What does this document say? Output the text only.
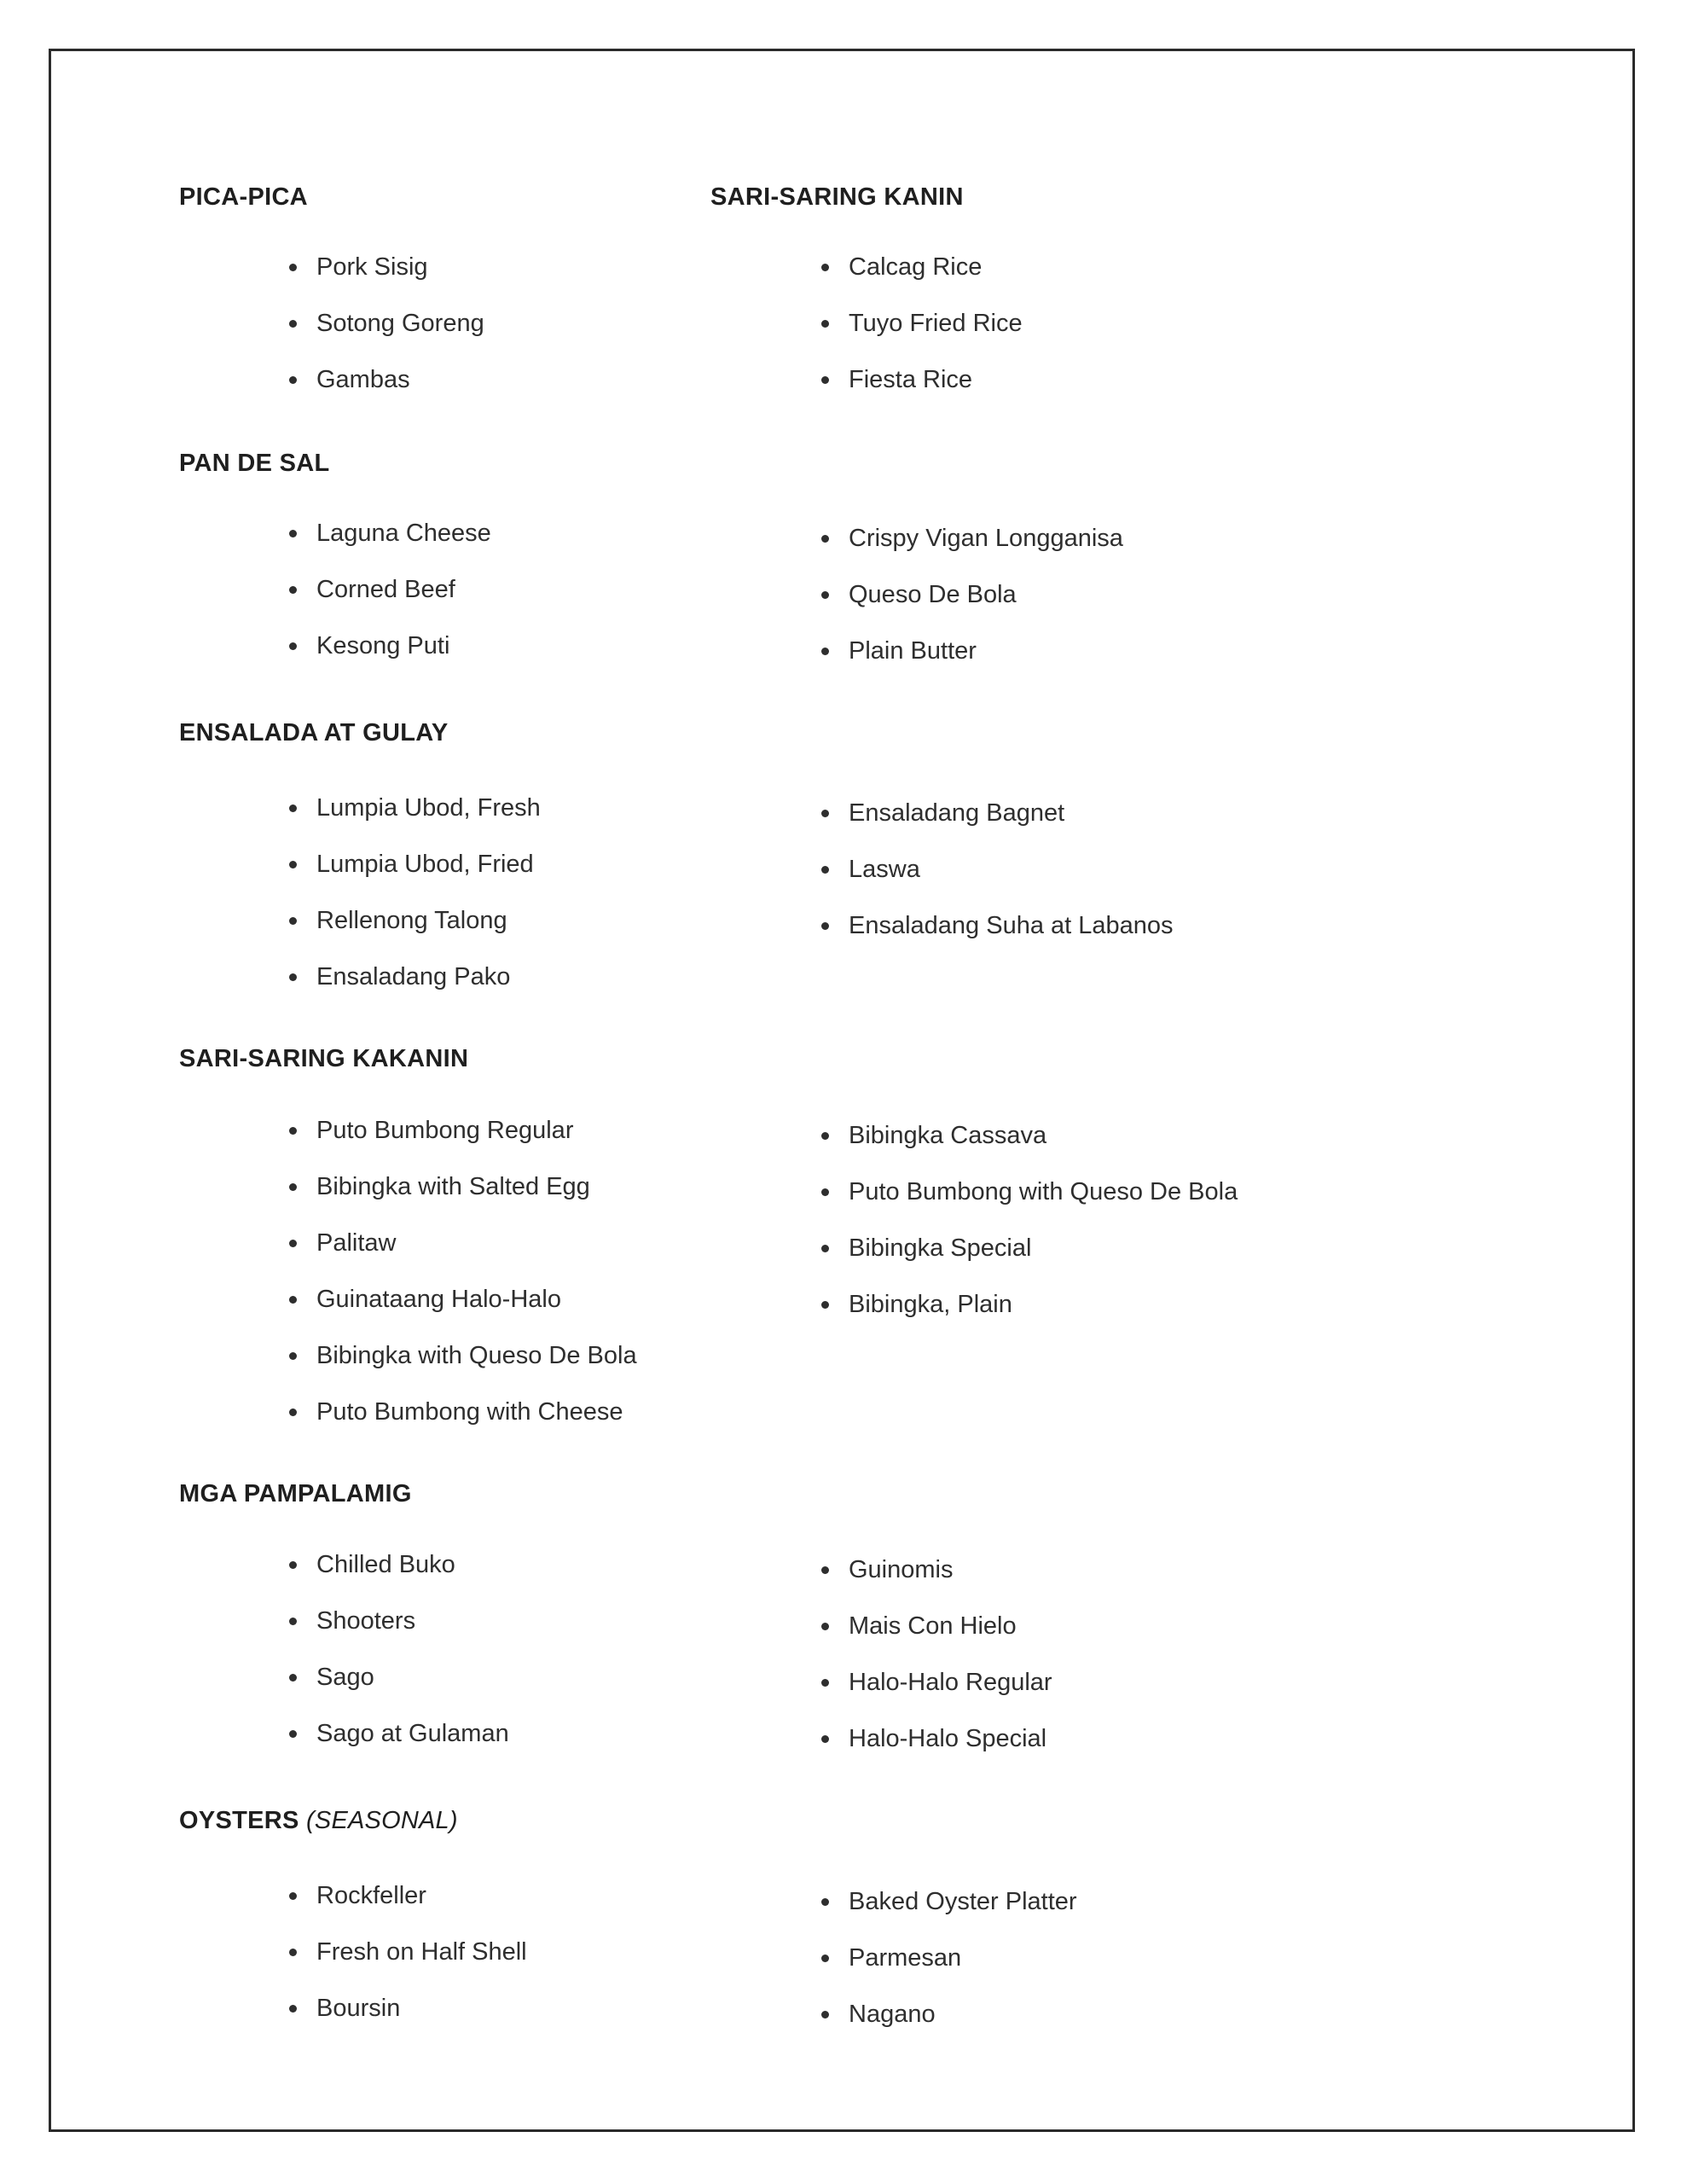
PICA-PICA
Pork Sisig
Sotong Goreng
Gambas
SARI-SARING KANIN
Calcag Rice
Tuyo Fried Rice
Fiesta Rice
PAN DE SAL
Laguna Cheese
Corned Beef
Kesong Puti
Crispy Vigan Longganisa
Queso De Bola
Plain Butter
ENSALADA AT GULAY
Lumpia Ubod, Fresh
Lumpia Ubod, Fried
Rellenong Talong
Ensaladang Pako
Ensaladang Bagnet
Laswa
Ensaladang Suha at Labanos
SARI-SARING KAKANIN
Puto Bumbong Regular
Bibingka with Salted Egg
Palitaw
Guinataang Halo-Halo
Bibingka with Queso De Bola
Puto Bumbong with Cheese
Bibingka Cassava
Puto Bumbong with Queso De Bola
Bibingka Special
Bibingka, Plain
MGA PAMPALAMIG
Chilled Buko
Shooters
Sago
Sago at Gulaman
Guinomis
Mais Con Hielo
Halo-Halo Regular
Halo-Halo Special
OYSTERS (SEASONAL)
Rockfeller
Fresh on Half Shell
Boursin
Baked Oyster Platter
Parmesan
Nagano
